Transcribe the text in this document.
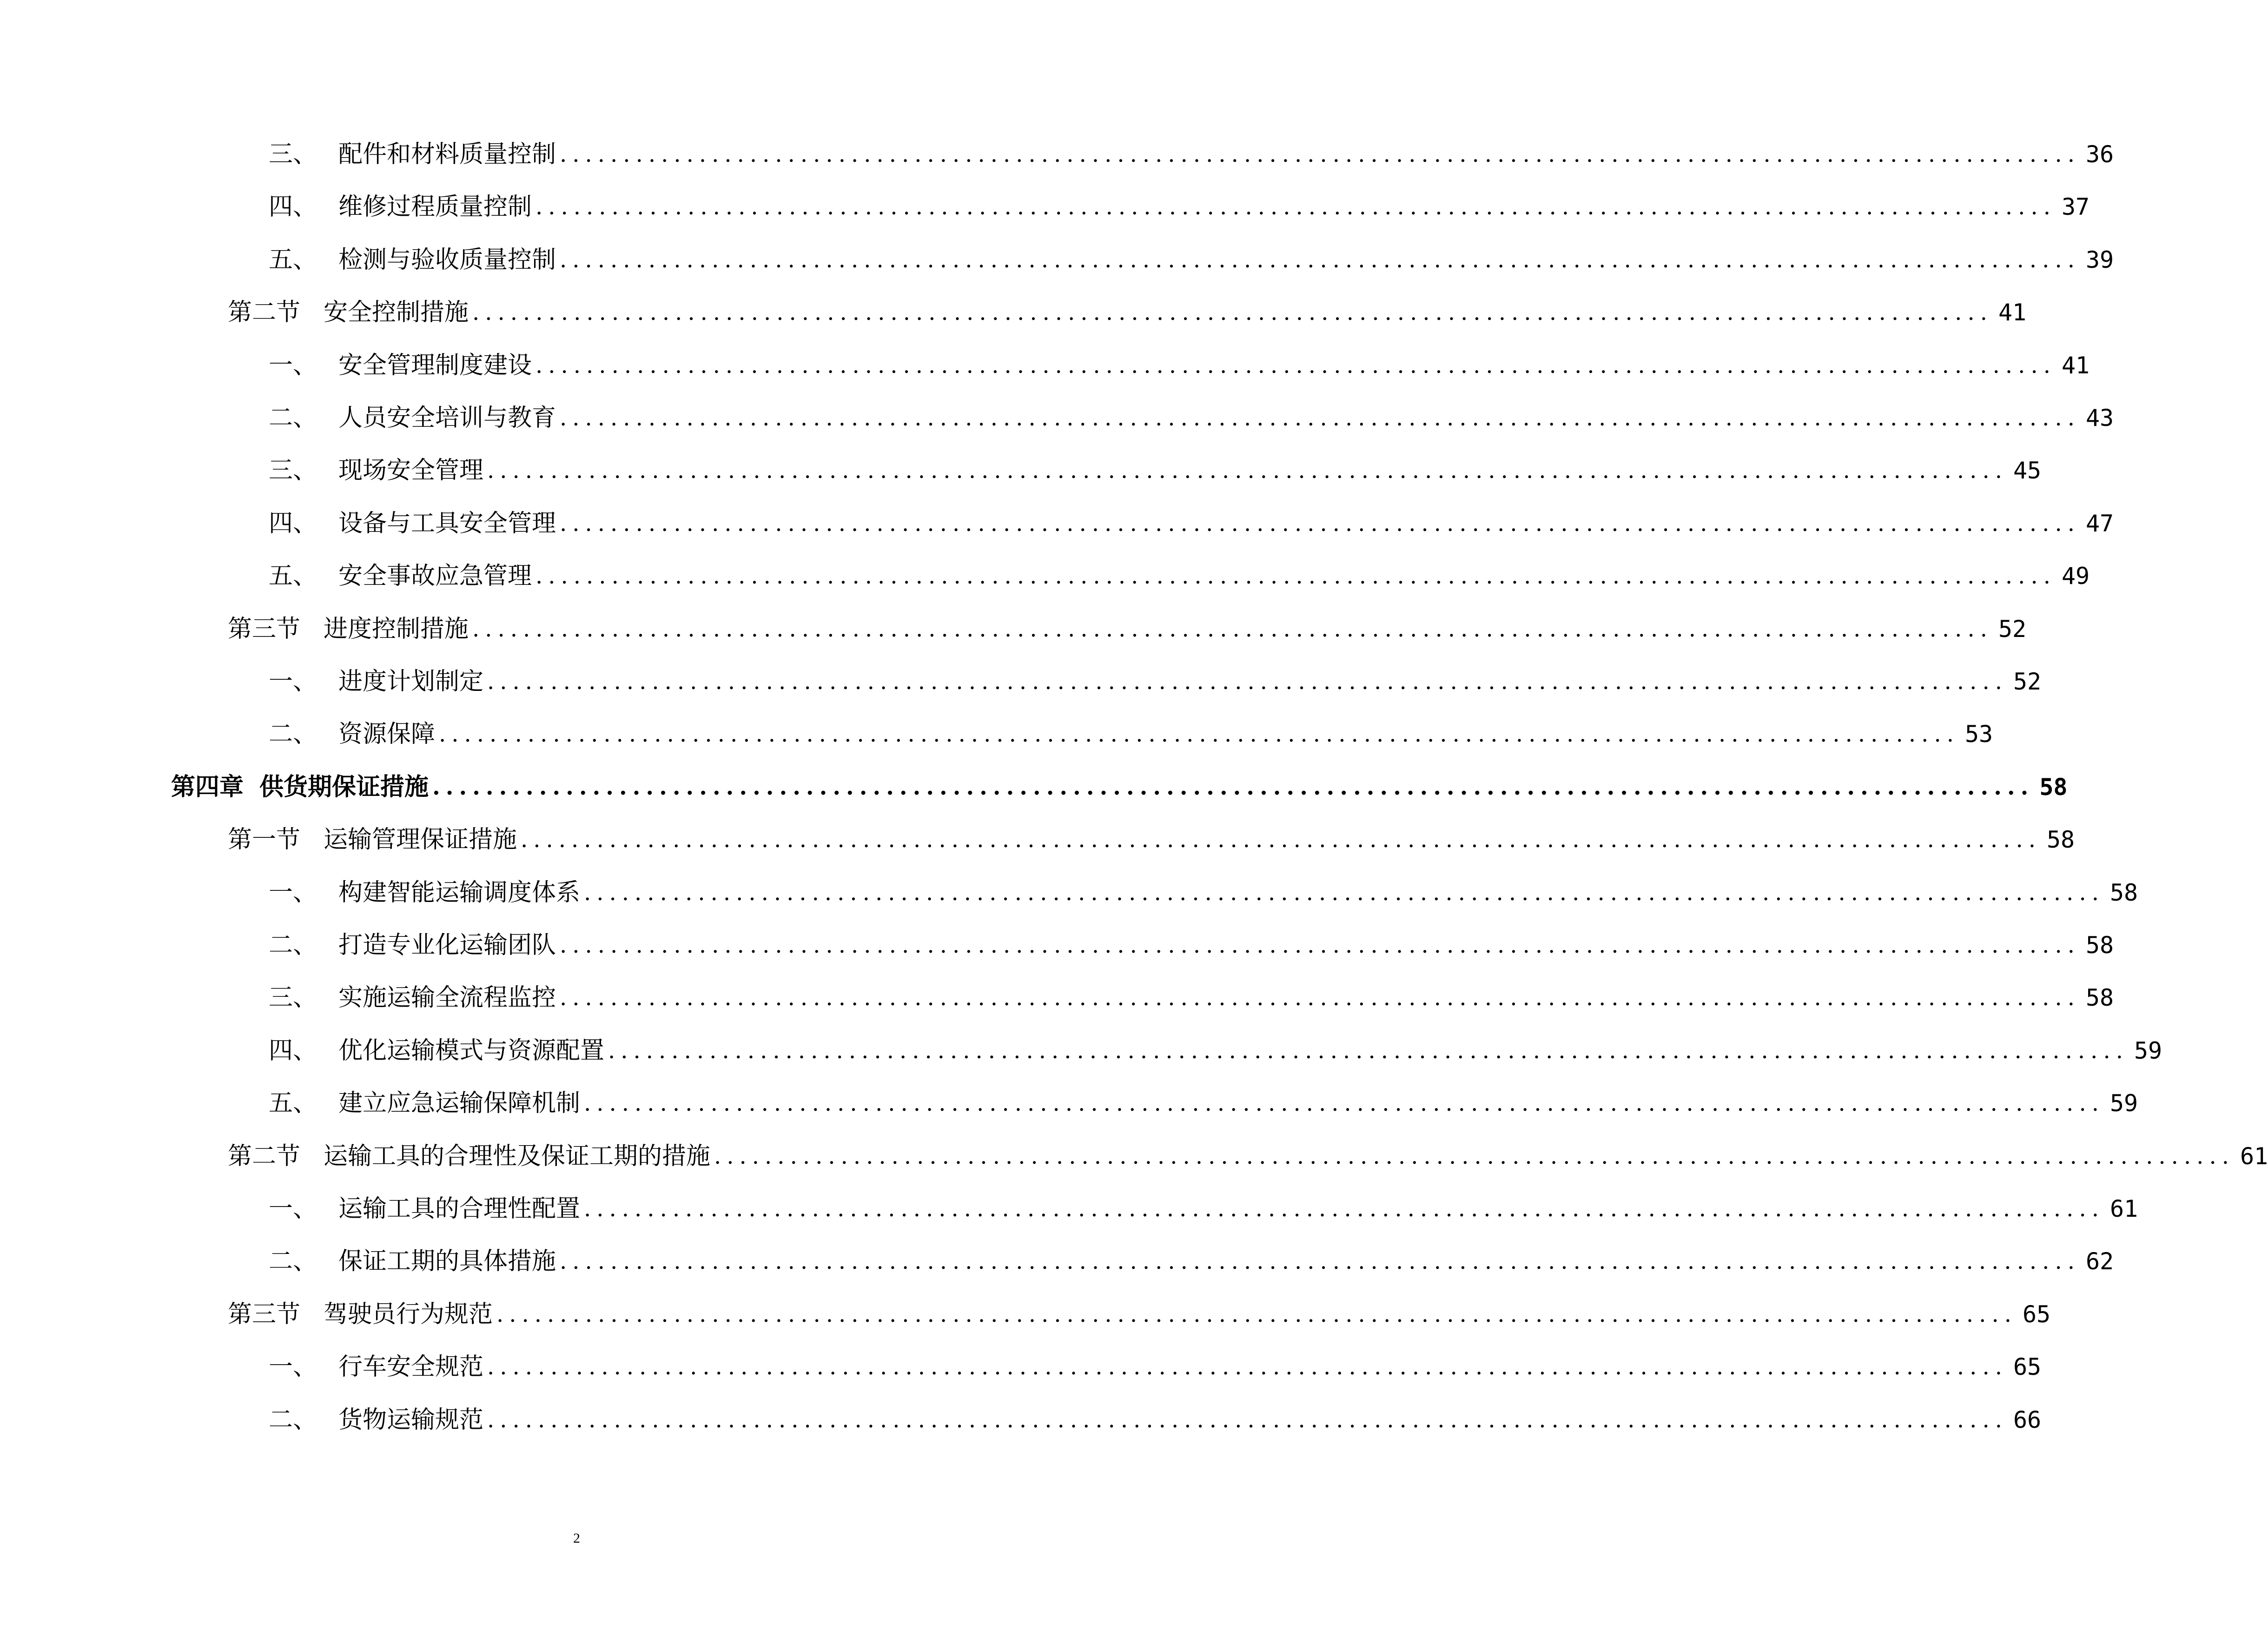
三、 配件和材料质量控制 ........................................................................................................................ 36
四、 维修过程质量控制 ........................................................................................................................ 37
五、 检测与验收质量控制 ........................................................................................................................ 39
第二节 安全控制措施 ........................................................................................................................ 41
一、 安全管理制度建设 ........................................................................................................................ 41
二、 人员安全培训与教育 ........................................................................................................................ 43
三、 现场安全管理 ........................................................................................................................ 45
四、 设备与工具安全管理 ........................................................................................................................ 47
五、 安全事故应急管理 ........................................................................................................................ 49
第三节 进度控制措施 ........................................................................................................................ 52
一、 进度计划制定 ........................................................................................................................ 52
二、 资源保障 ........................................................................................................................ 53
第四章 供货期保证措施 ........................................................................................................................ 58
第一节 运输管理保证措施 ........................................................................................................................ 58
一、 构建智能运输调度体系 ........................................................................................................................ 58
二、 打造专业化运输团队 ........................................................................................................................ 58
三、 实施运输全流程监控 ........................................................................................................................ 58
四、 优化运输模式与资源配置 ........................................................................................................................ 59
五、 建立应急运输保障机制 ........................................................................................................................ 59
第二节 运输工具的合理性及保证工期的措施 ........................................................................................................................ 61
一、 运输工具的合理性配置 ........................................................................................................................ 61
二、 保证工期的具体措施 ........................................................................................................................ 62
第三节 驾驶员行为规范 ........................................................................................................................ 65
一、 行车安全规范 ........................................................................................................................ 65
二、 货物运输规范 ........................................................................................................................ 66
2
